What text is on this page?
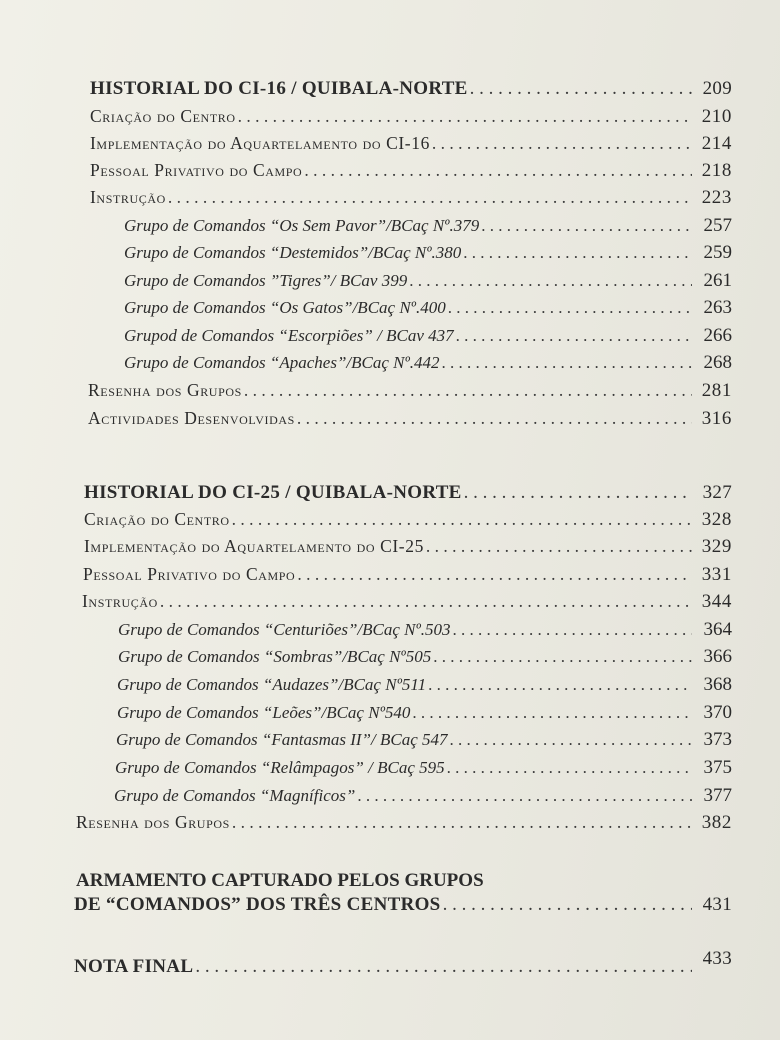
HISTORIAL DO CI-16 / QUIBALA-NORTE . . .	209
Criação do Centro . . .	210
Implementação do Aquartelamento do CI-16 . . .	214
Pessoal Privativo do Campo . . .	218
Instrução . . .	223
Grupo de Comandos “Os Sem Pavor”/BCaç Nº.379 . . .	257
Grupo de Comandos “Destemidos”/BCaç Nº.380 . . .	259
Grupo de Comandos ”Tigres”/ BCav 399 . . .	261
Grupo de Comandos “Os Gatos”/BCaç Nº.400 . . .	263
Grupod de Comandos “Escorpiões” / BCav 437 . . .	266
Grupo de Comandos “Apaches”/BCaç Nº.442 . . .	268
Resenha dos Grupos . . .	281
Actividades Desenvolvidas . . .	316
HISTORIAL DO CI-25 / QUIBALA-NORTE . . .	327
Criação do Centro . . .	328
Implementação do Aquartelamento do CI-25 . . .	329
Pessoal Privativo do Campo . . .	331
Instrução . . .	344
Grupo de Comandos “Centuriões”/BCaç Nº.503 . . .	364
Grupo de Comandos “Sombras”/BCaç Nº505 . . .	366
Grupo de Comandos “Audazes”/BCaç Nº511 . . .	368
Grupo de Comandos “Leões”/BCaç Nº540 . . .	370
Grupo de Comandos “Fantasmas II”/ BCaç 547 . . .	373
Grupo de Comandos “Relâmpagos” / BCaç 595 . . .	375
Grupo de Comandos “Magníficos” . . .	377
Resenha dos Grupos . . .	382
ARMAMENTO CAPTURADO PELOS GRUPOS
DE “COMANDOS” DOS TRÊS CENTROS . . .	431
NOTA FINAL . . .	433
